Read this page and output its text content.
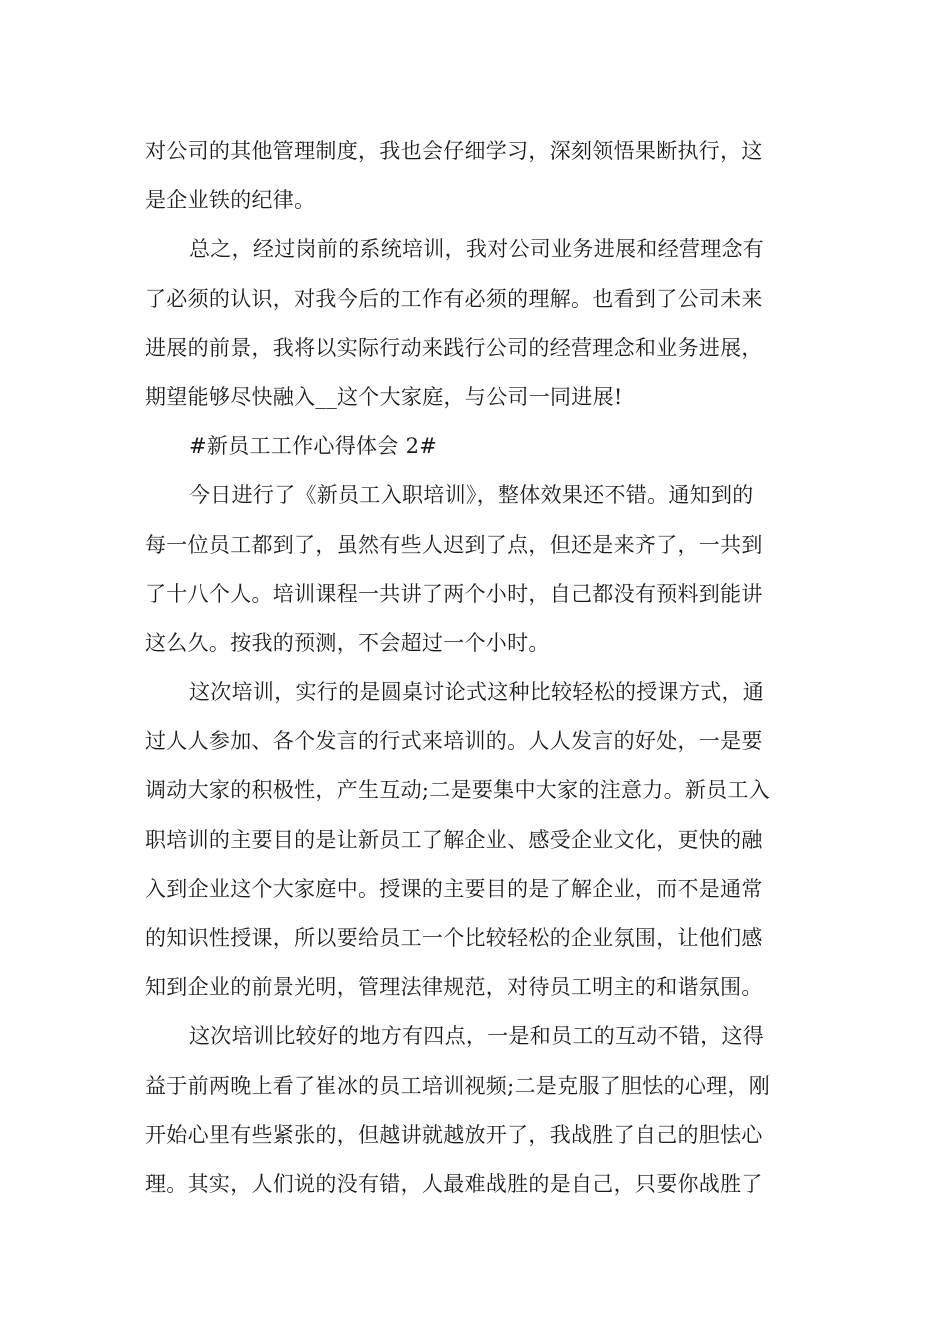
对公司的其他管理制度，我也会仔细学习，深刻领悟果断执行，这
是企业铁的纪律。
总之，经过岗前的系统培训，我对公司业务进展和经营理念有
了必须的认识，对我今后的工作有必须的理解。也看到了公司未来
进展的前景，我将以实际行动来践行公司的经营理念和业务进展，
期望能够尽快融入__这个大家庭，与公司一同进展!
#新员工工作心得体会 2#
今日进行了《新员工入职培训》，整体效果还不错。通知到的
每一位员工都到了，虽然有些人迟到了点，但还是来齐了，一共到
了十八个人。培训课程一共讲了两个小时，自己都没有预料到能讲
这么久。按我的预测，不会超过一个小时。
这次培训，实行的是圆桌讨论式这种比较轻松的授课方式，通
过人人参加、各个发言的行式来培训的。人人发言的好处，一是要
调动大家的积极性，产生互动;二是要集中大家的注意力。新员工入
职培训的主要目的是让新员工了解企业、感受企业文化，更快的融
入到企业这个大家庭中。授课的主要目的是了解企业，而不是通常
的知识性授课，所以要给员工一个比较轻松的企业氛围，让他们感
知到企业的前景光明，管理法律规范，对待员工明主的和谐氛围。
这次培训比较好的地方有四点，一是和员工的互动不错，这得
益于前两晚上看了崔冰的员工培训视频;二是克服了胆怯的心理，刚
开始心里有些紧张的，但越讲就越放开了，我战胜了自己的胆怯心
理。其实，人们说的没有错，人最难战胜的是自己，只要你战胜了
